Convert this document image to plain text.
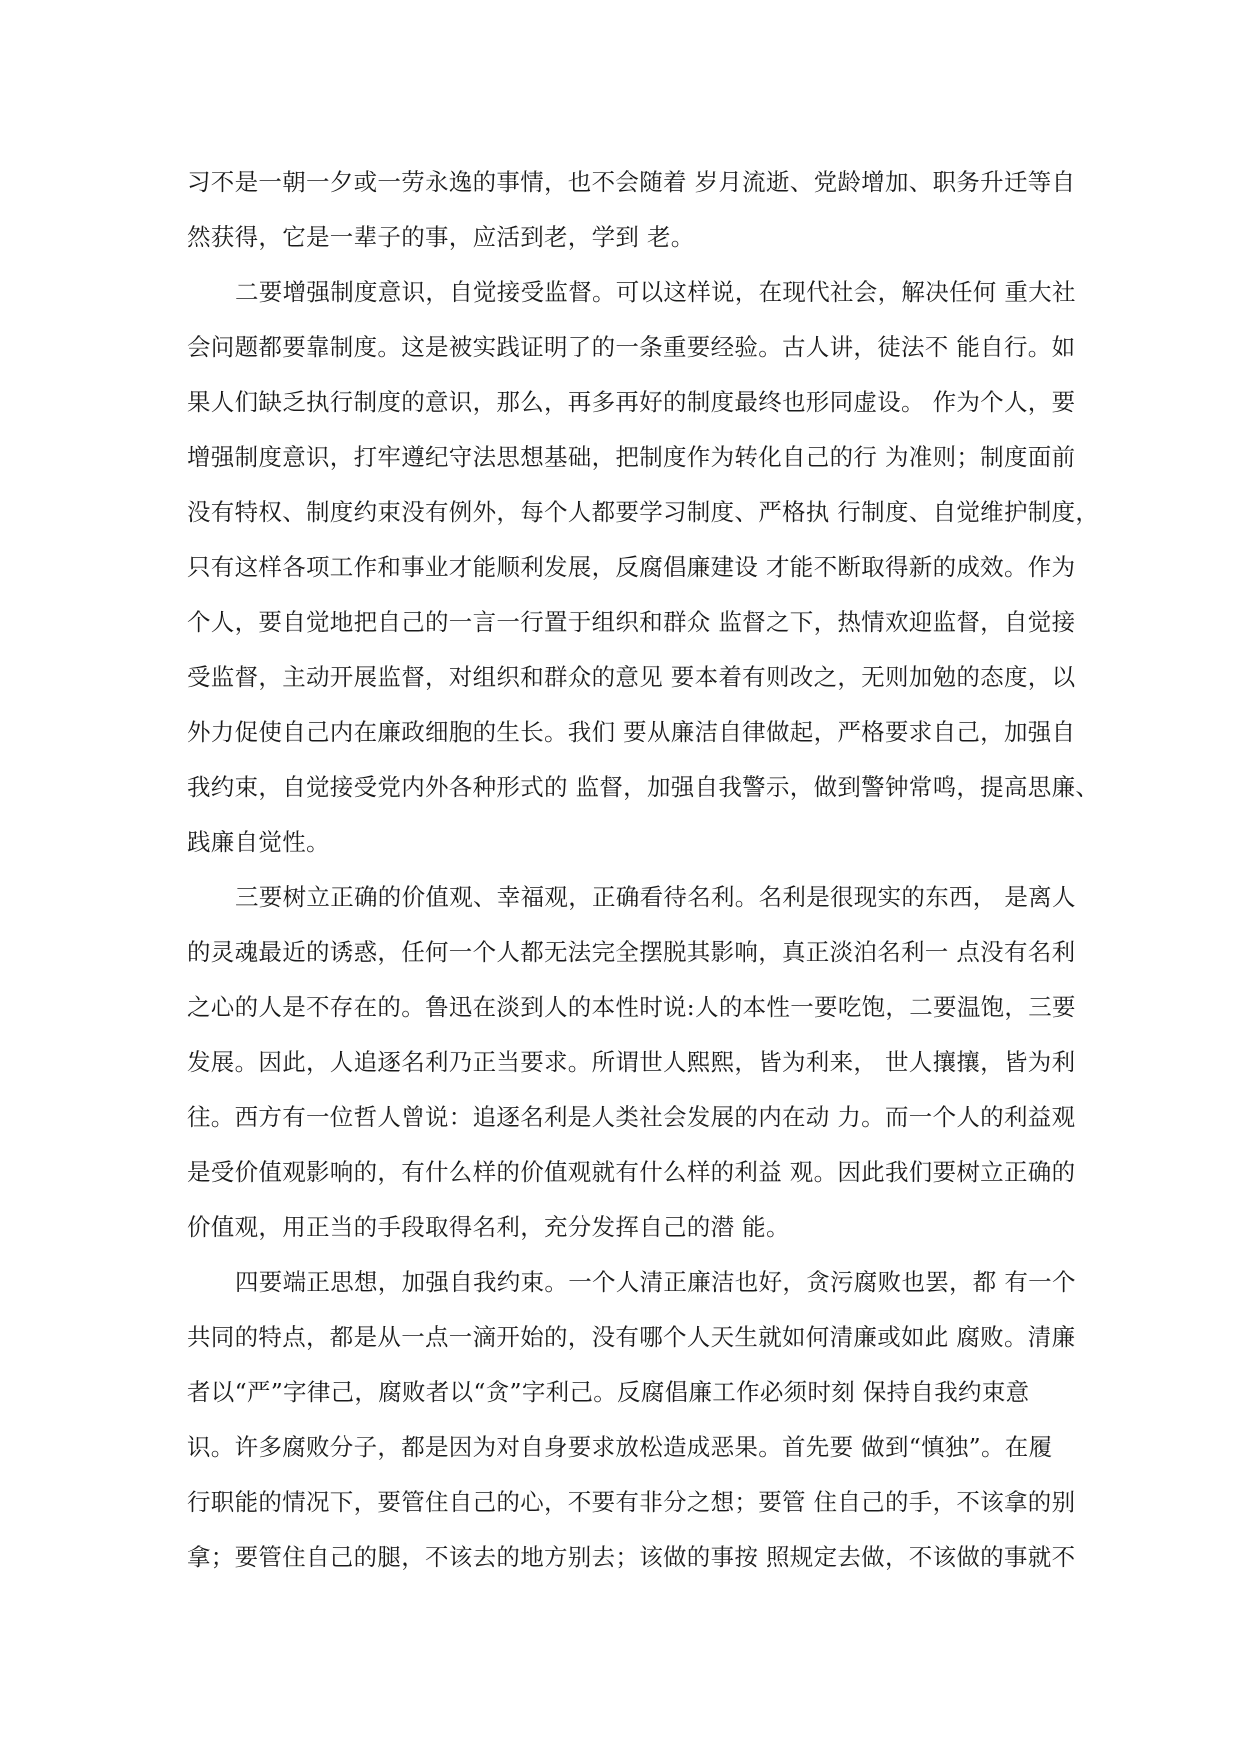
习不是一朝一夕或一劳永逸的事情，也不会随着 岁月流逝、党龄增加、职务升迁等自
然获得，它是一辈子的事，应活到老，学到 老。
二要增强制度意识，自觉接受监督。可以这样说，在现代社会，解决任何 重大社
会问题都要靠制度。这是被实践证明了的一条重要经验。古人讲，徒法不 能自行。如
果人们缺乏执行制度的意识，那么，再多再好的制度最终也形同虚设。 作为个人，要
增强制度意识，打牢遵纪守法思想基础，把制度作为转化自己的行 为准则；制度面前
没有特权、制度约束没有例外，每个人都要学习制度、严格执 行制度、自觉维护制度，
只有这样各项工作和事业才能顺利发展，反腐倡廉建设 才能不断取得新的成效。作为
个人，要自觉地把自己的一言一行置于组织和群众 监督之下，热情欢迎监督，自觉接
受监督，主动开展监督，对组织和群众的意见 要本着有则改之，无则加勉的态度，以
外力促使自己内在廉政细胞的生长。我们 要从廉洁自律做起，严格要求自己，加强自
我约束，自觉接受党内外各种形式的 监督，加强自我警示，做到警钟常鸣，提高思廉、
践廉自觉性。
三要树立正确的价值观、幸福观，正确看待名利。名利是很现实的东西， 是离人
的灵魂最近的诱惑，任何一个人都无法完全摆脱其影响，真正淡泊名利一 点没有名利
之心的人是不存在的。鲁迅在淡到人的本性时说:人的本性一要吃饱，二要温饱，三要
发展。因此，人追逐名利乃正当要求。所谓世人熙熙，皆为利来， 世人攘攘，皆为利
往。西方有一位哲人曾说：追逐名利是人类社会发展的内在动 力。而一个人的利益观
是受价值观影响的，有什么样的价值观就有什么样的利益 观。因此我们要树立正确的
价值观，用正当的手段取得名利，充分发挥自己的潜 能。
四要端正思想，加强自我约束。一个人清正廉洁也好，贪污腐败也罢，都 有一个
共同的特点，都是从一点一滴开始的，没有哪个人天生就如何清廉或如此 腐败。清廉
者以“严”字律己，腐败者以“贪”字利己。反腐倡廉工作必须时刻 保持自我约束意
识。许多腐败分子，都是因为对自身要求放松造成恶果。首先要 做到“慎独”。在履
行职能的情况下，要管住自己的心，不要有非分之想；要管 住自己的手，不该拿的别
拿；要管住自己的腿，不该去的地方别去；该做的事按 照规定去做，不该做的事就不
